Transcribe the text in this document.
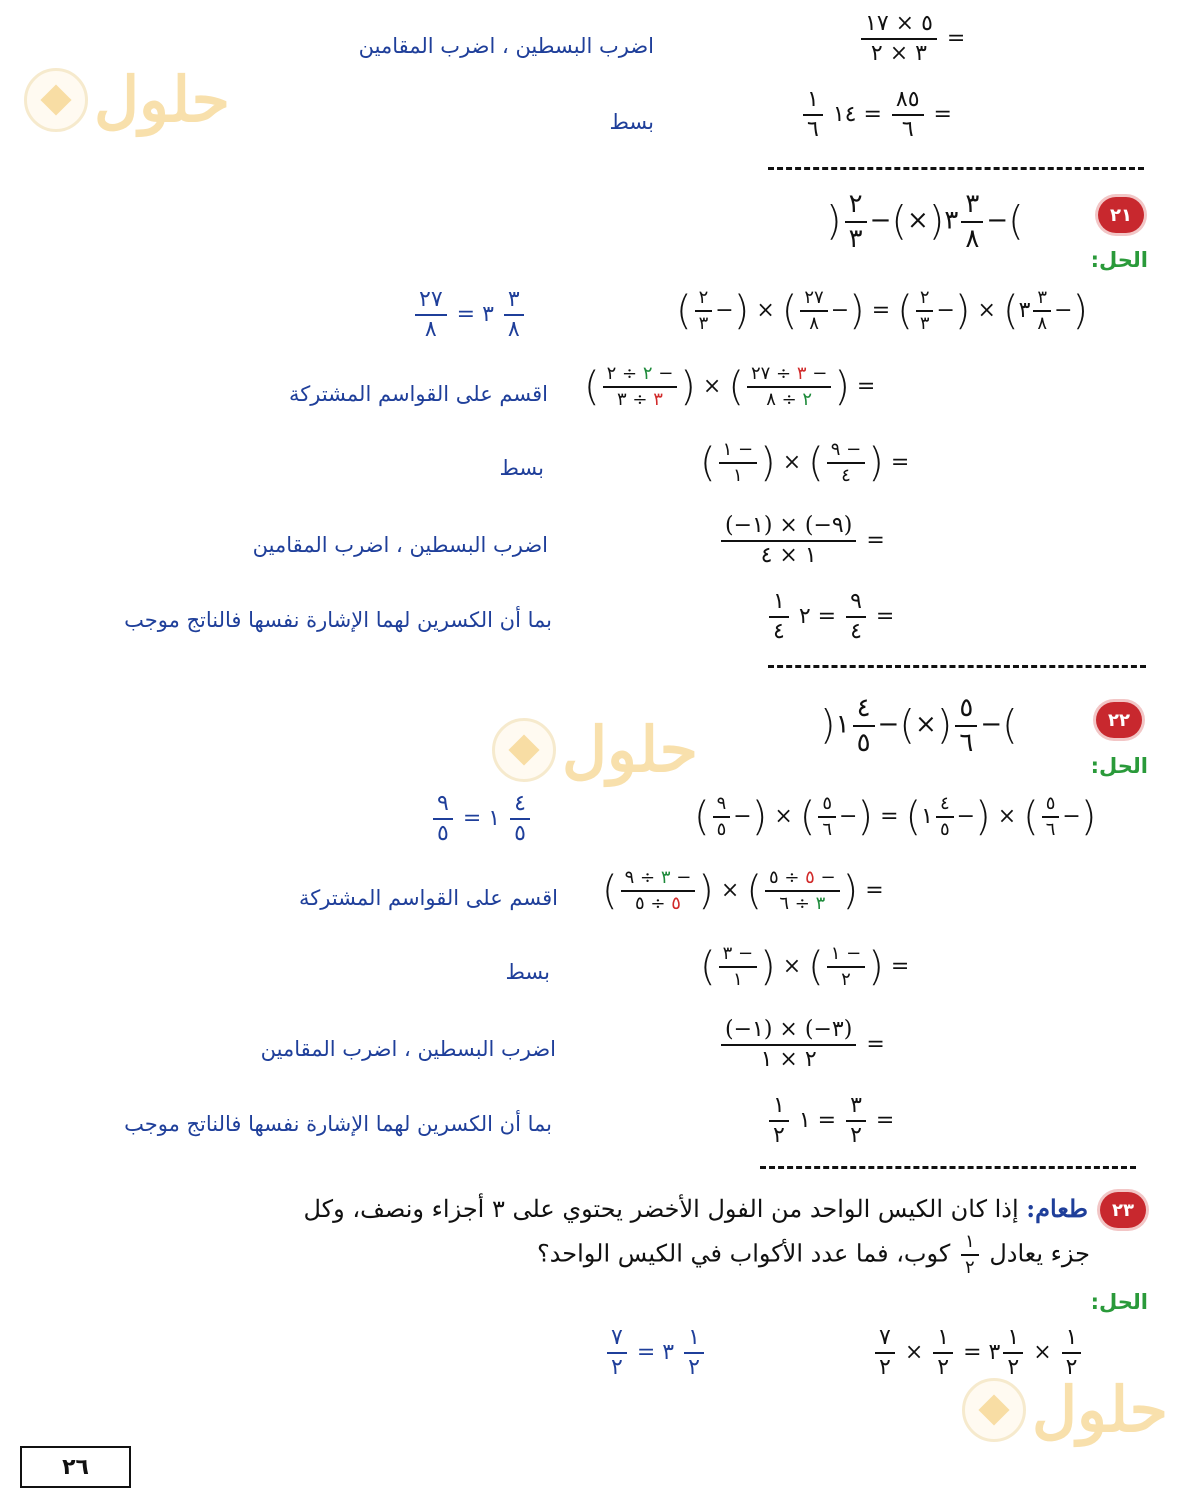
حلول
حلول
حلول
$\frac{٥ \times ١٧}{٣ \times ٢}$ =
اضرب البسطين ، اضرب المقامين
=
$\frac{٨٥}{٦}$
= ١٤
$\frac{١}{٦}$
بسط
٢١
)−
$\frac{٣}{٨}$
٣(×)−
$\frac{٢}{٣}$
(
الحل:
$\frac{٢٧}{٨}$ = ٣ $\frac{٣}{٨}$	( $\frac{٢}{٣}$ −) × ( $\frac{٢٧}{٨}$ −) = ( $\frac{٢}{٣}$ −) × (٣ $\frac{٣}{٨}$ −)
( $\frac{٢ \div ٢ -}{٣ \div ٣}$ ) × ( $\frac{٣ \div ٢٧ -}{٢ \div ٨}$ ) =
اقسم على القواسم المشتركة
( $\frac{١ -}{١}$ ) × ( $\frac{٩ -}{٤}$ ) =
بسط
$\frac{(-١) \times (-٩)}{١ \times ٤}$ =
اضرب البسطين ، اضرب المقامين
=
$\frac{٩}{٤}$
= ٢
$\frac{١}{٤}$
بما أن الكسرين لهما الإشارة نفسها فالناتج موجب
٢٢
)−
$\frac{٥}{٦}$
(×)−
$\frac{٤}{٥}$
١(
الحل:
$\frac{٩}{٥}$ = ١ $\frac{٤}{٥}$	( $\frac{٩}{٥}$ −) × ( $\frac{٥}{٦}$ −) = (١ $\frac{٤}{٥}$ −) × ( $\frac{٥}{٦}$ −)
( $\frac{٣ \div ٩ -}{٥ \div ٥}$ ) × ( $\frac{٥ \div ٥ -}{٣ \div ٦}$ ) =
اقسم على القواسم المشتركة
( $\frac{٣ -}{١}$ ) × ( $\frac{١ -}{٢}$ ) =
بسط
$\frac{(-١) \times (-٣)}{٢ \times ١}$ =
اضرب البسطين ، اضرب المقامين
=
$\frac{٣}{٢}$
= ١
$\frac{١}{٢}$
بما أن الكسرين لهما الإشارة نفسها فالناتج موجب
٢٣
طعام: إذا كان الكيس الواحد من الفول الأخضر يحتوي على ٣ أجزاء ونصف، وكل
جزء يعادل
$\frac{١}{٢}$
كوب، فما عدد الأكواب في الكيس الواحد؟
الحل:
$\frac{٧}{٢}$ = ٣ $\frac{١}{٢}$	$\frac{٧}{٢} \times \frac{١}{٢}$ = ٣ $\frac{١}{٢} \times \frac{١}{٢}$
٢٦
